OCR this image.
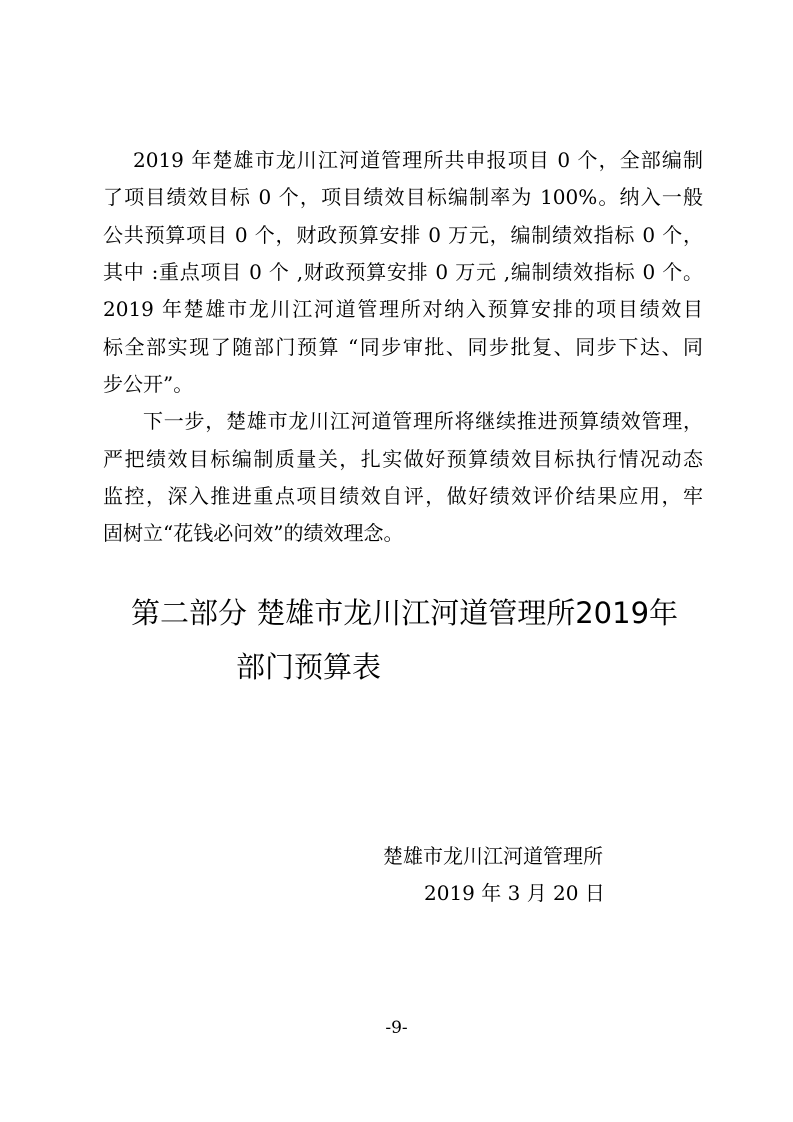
2019 年楚雄市龙川江河道管理所共申报项目 0 个，全部编制
了项目绩效目标 0 个，项目绩效目标编制率为 100%。纳入一般
公共预算项目 0 个，财政预算安排 0 万元，编制绩效指标 0 个，
其中 :重点项目 0 个 ,财政预算安排 0 万元 ,编制绩效指标 0 个。
2019 年楚雄市龙川江河道管理所对纳入预算安排的项目绩效目
标全部实现了随部门预算 “同步审批、同步批复、同步下达、同
步公开”。
下一步，楚雄市龙川江河道管理所将继续推进预算绩效管理，
严把绩效目标编制质量关，扎实做好预算绩效目标执行情况动态
监控，深入推进重点项目绩效自评，做好绩效评价结果应用，牢
固树立“花钱必问效”的绩效理念。
第二部分 楚雄市龙川江河道管理所2019年
部门预算表
楚雄市龙川江河道管理所
2019 年 3 月 20 日
-9-
